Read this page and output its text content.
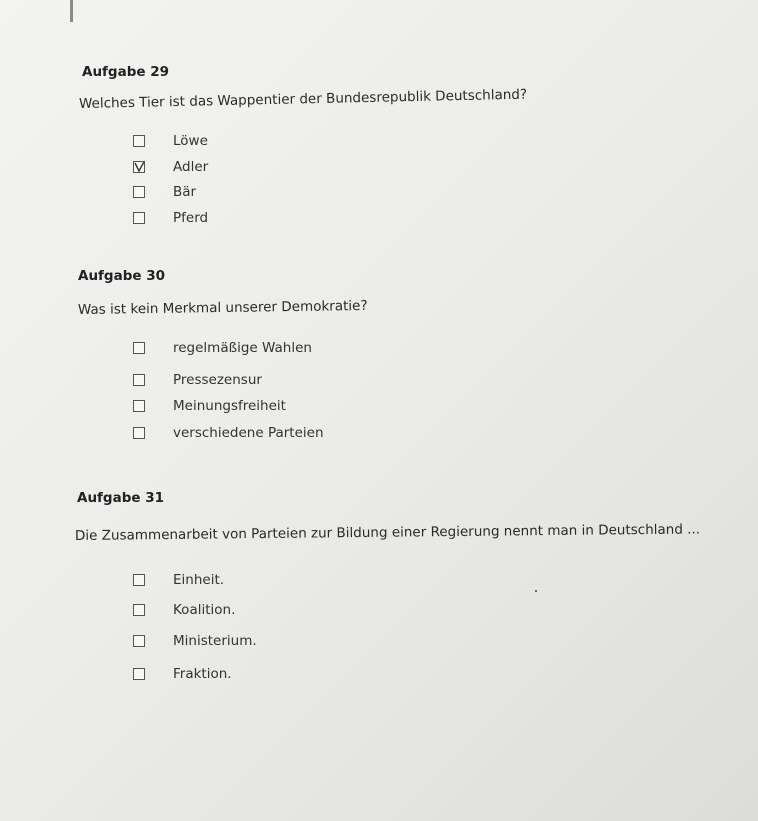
Aufgabe 29

Welches Tier ist das Wappentier der Bundesrepublik Deutschland?

Löwe
Adler
Bär
Pferd
Aufgabe 30

Was ist kein Merkmal unserer Demokratie?

regelmäßige Wahlen
Pressezensur
Meinungsfreiheit
verschiedene Parteien
Aufgabe 31

Die Zusammenarbeit von Parteien zur Bildung einer Regierung nennt man in Deutschland ...

Einheit.
Koalition.
Ministerium.
Fraktion.
